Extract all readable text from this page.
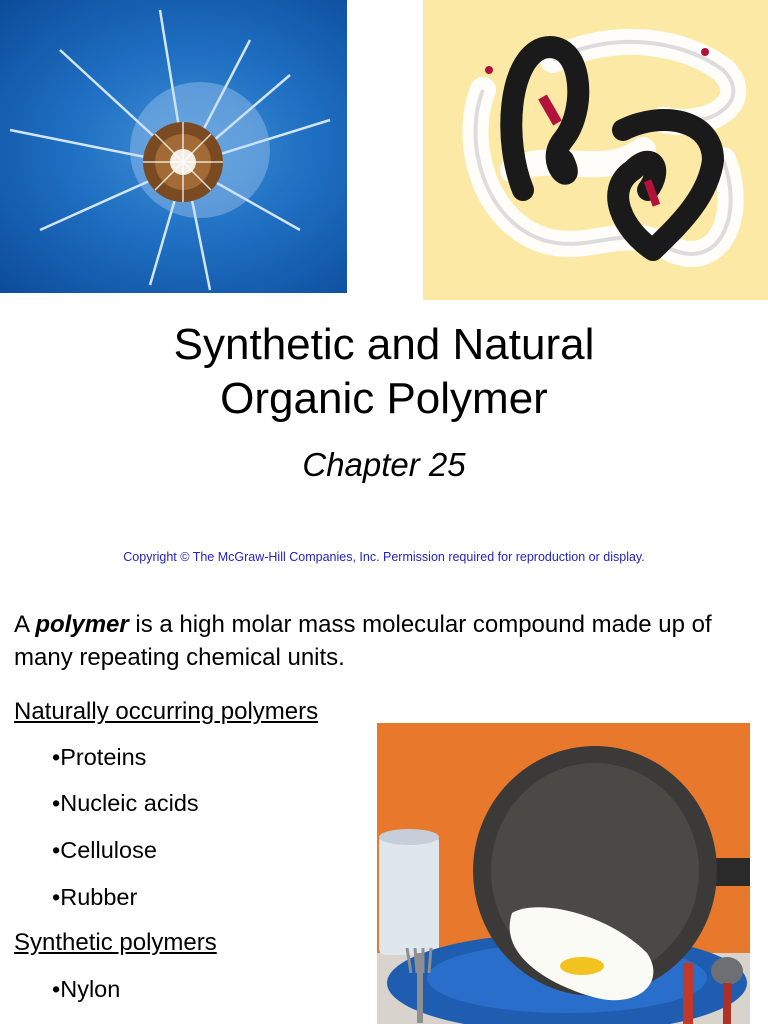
Synthetic and Natural
Organic Polymer
Chapter 25
Copyright © The McGraw-Hill Companies, Inc. Permission required for reproduction or display.
A polymer is a high molar mass molecular compound made up of many repeating chemical units.
Naturally occurring polymers
•Proteins
•Nucleic acids
•Cellulose
•Rubber
Synthetic polymers
•Nylon
